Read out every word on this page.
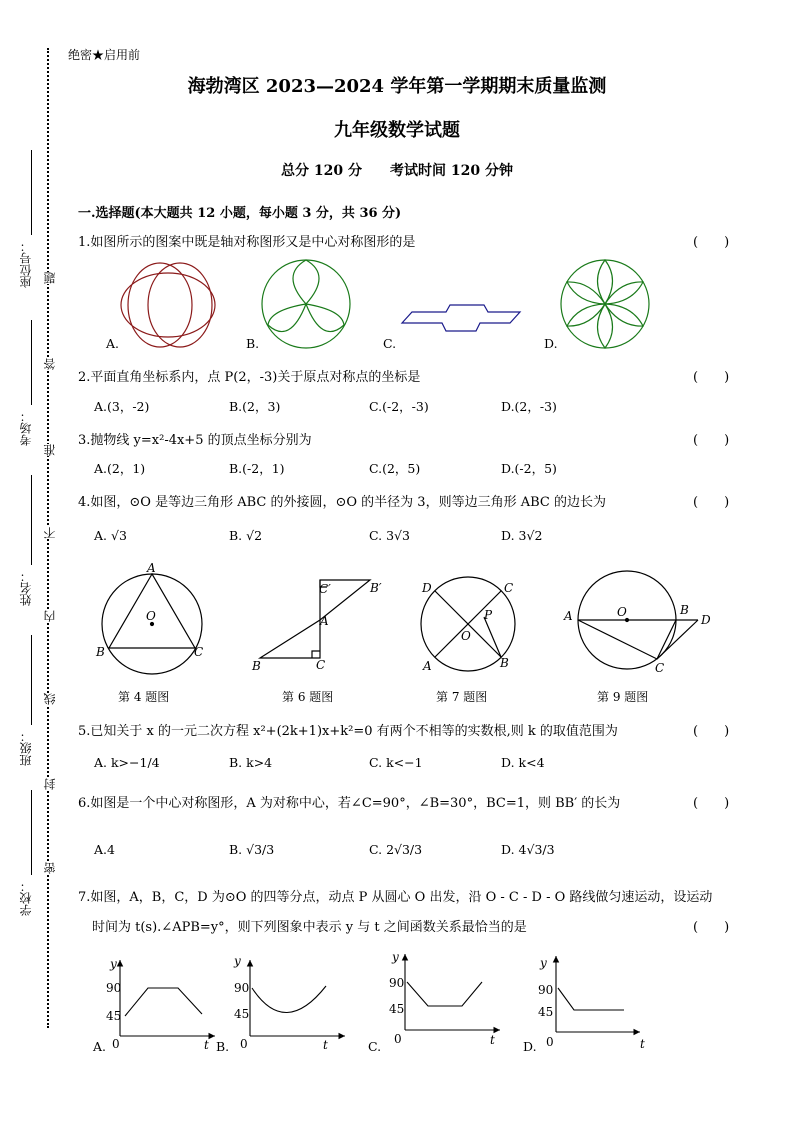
座位号：
考场：
姓名：
班级：
学校：
题
答
准
不
内
线
封
密
绝密★启用前
海勃湾区 2023—2024 学年第一学期期末质量监测
九年级数学试题
总分 120 分　　考试时间 120 分钟
一.选择题(本大题共 12 小题，每小题 3 分，共 36 分)
1.如图所示的图案中既是轴对称图形又是中心对称图形的是	(　　)
A.	B.	C.	D.
2.平面直角坐标系内，点 P(2，-3)关于原点对称点的坐标是	(　　)
A.(3，-2)	B.(2，3)	C.(-2，-3)	D.(2，-3)
3.抛物线 y=x²-4x+5 的顶点坐标分别为	(　　)
A.(2，1)	B.(-2，1)	C.(2，5)	D.(-2，5)
4.如图，⊙O 是等边三角形 ABC 的外接圆，⊙O 的半径为 3，则等边三角形 ABC 的边长为	(　　)
A. √3	B. √2	C. 3√3	D. 3√2
A
O
B	C
C′	B′
A
B	C
D	C
P
O
A	B
A	O	B
D
C
第 4 题图	第 6 题图	第 7 题图	第 9 题图
5.已知关于 x 的一元二次方程 x²+(2k+1)x+k²=0 有两个不相等的实数根,则 k 的取值范围为	(　　)
A. k>−1/4	B. k>4	C. k<−1	D. k<4
6.如图是一个中心对称图形，A 为对称中心，若∠C=90°，∠B=30°，BC=1，则 BB′ 的长为	(　　)
A.4	B. √3/3	C. 2√3/3	D. 4√3/3
7.如图，A，B，C，D 为⊙O 的四等分点，动点 P 从圆心 O 出发，沿 O - C - D - O 路线做匀速运动，设运动
时间为 t(s).∠APB=y°，则下列图象中表示 y 与 t 之间函数关系最恰当的是	(　　)
y
90
45
0	t
y
90
45
0	t
y
90
45
0	t
y
90
45
0	t
A.	B.	C.	D.
